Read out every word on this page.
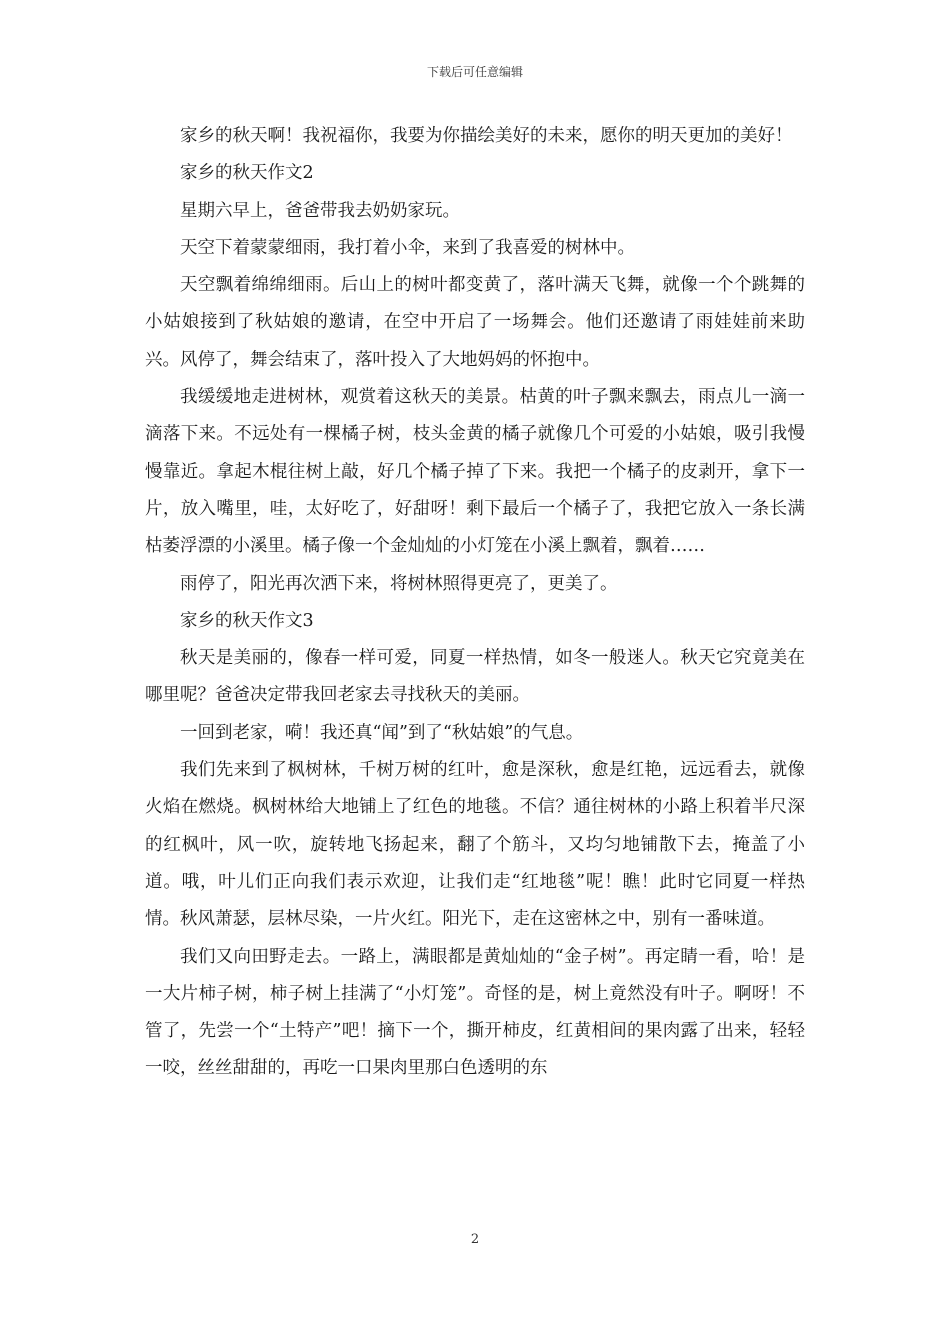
下载后可任意编辑

家乡的秋天啊！我祝福你，我要为你描绘美好的未来，愿你的明天更加的美好！

家乡的秋天作文2

星期六早上，爸爸带我去奶奶家玩。

天空下着蒙蒙细雨，我打着小伞，来到了我喜爱的树林中。

天空飘着绵绵细雨。后山上的树叶都变黄了，落叶满天飞舞，就像一个个跳舞的小姑娘接到了秋姑娘的邀请，在空中开启了一场舞会。他们还邀请了雨娃娃前来助兴。风停了，舞会结束了，落叶投入了大地妈妈的怀抱中。

我缓缓地走进树林，观赏着这秋天的美景。枯黄的叶子飘来飘去，雨点儿一滴一滴落下来。不远处有一棵橘子树，枝头金黄的橘子就像几个可爱的小姑娘，吸引我慢慢靠近。拿起木棍往树上敲，好几个橘子掉了下来。我把一个橘子的皮剥开，拿下一片，放入嘴里，哇，太好吃了，好甜呀！剩下最后一个橘子了，我把它放入一条长满枯萎浮漂的小溪里。橘子像一个金灿灿的小灯笼在小溪上飘着，飘着……

雨停了，阳光再次洒下来，将树林照得更亮了，更美了。

家乡的秋天作文3

秋天是美丽的，像春一样可爱，同夏一样热情，如冬一般迷人。秋天它究竟美在哪里呢？爸爸决定带我回老家去寻找秋天的美丽。

一回到老家，嗬！我还真“闻”到了“秋姑娘”的气息。

我们先来到了枫树林，千树万树的红叶，愈是深秋，愈是红艳，远远看去，就像火焰在燃烧。枫树林给大地铺上了红色的地毯。不信？通往树林的小路上积着半尺深的红枫叶，风一吹，旋转地飞扬起来，翻了个筋斗，又均匀地铺散下去，掩盖了小道。哦，叶儿们正向我们表示欢迎，让我们走“红地毯”呢！瞧！此时它同夏一样热情。秋风萧瑟，层林尽染，一片火红。阳光下，走在这密林之中，别有一番味道。

我们又向田野走去。一路上，满眼都是黄灿灿的“金子树”。再定睛一看，哈！是一大片柿子树，柿子树上挂满了“小灯笼”。奇怪的是，树上竟然没有叶子。啊呀！不管了，先尝一个“土特产”吧！摘下一个，撕开柿皮，红黄相间的果肉露了出来，轻轻一咬，丝丝甜甜的，再吃一口果肉里那白色透明的东

2
